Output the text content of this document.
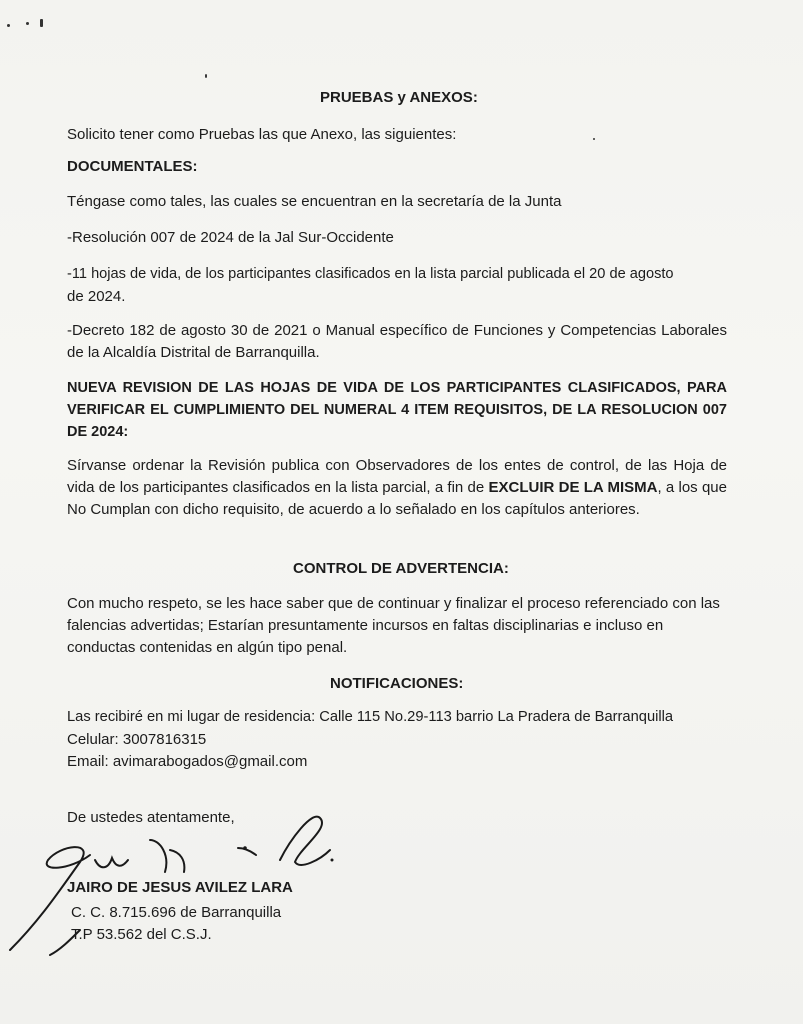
PRUEBAS y ANEXOS:

Solicito tener como Pruebas las que Anexo, las siguientes:

DOCUMENTALES:

Téngase como tales, las cuales se encuentran en la secretaría de la Junta

-Resolución 007 de 2024 de la Jal Sur-Occidente

-11 hojas de vida, de los participantes clasificados en la lista parcial publicada el 20 de agosto

de 2024.

-Decreto 182 de agosto 30 de 2021 o Manual específico de Funciones y Competencias Laborales de la Alcaldía Distrital de Barranquilla.

NUEVA REVISION DE LAS HOJAS DE VIDA DE LOS PARTICIPANTES CLASIFICADOS, PARA VERIFICAR EL CUMPLIMIENTO DEL NUMERAL 4 ITEM REQUISITOS, DE LA RESOLUCION 007 DE 2024:

Sírvanse ordenar la Revisión publica con Observadores de los entes de control, de las Hoja de vida de los participantes clasificados en la lista parcial, a fin de EXCLUIR DE LA MISMA, a los que No Cumplan con dicho requisito, de acuerdo a lo señalado en los capítulos anteriores.

CONTROL DE ADVERTENCIA:

Con mucho respeto, se les hace saber que de continuar y finalizar el proceso referenciado con las falencias advertidas; Estarían presuntamente incursos en faltas disciplinarias e incluso en conductas contenidas en algún tipo penal.

NOTIFICACIONES:

Las recibiré en mi lugar de residencia: Calle 115 No.29-113 barrio La Pradera de Barranquilla

Celular: 3007816315

Email: avimarabogados@gmail.com

De ustedes atentamente,

JAIRO DE JESUS AVILEZ LARA

C. C. 8.715.696 de Barranquilla

T.P 53.562 del C.S.J.
